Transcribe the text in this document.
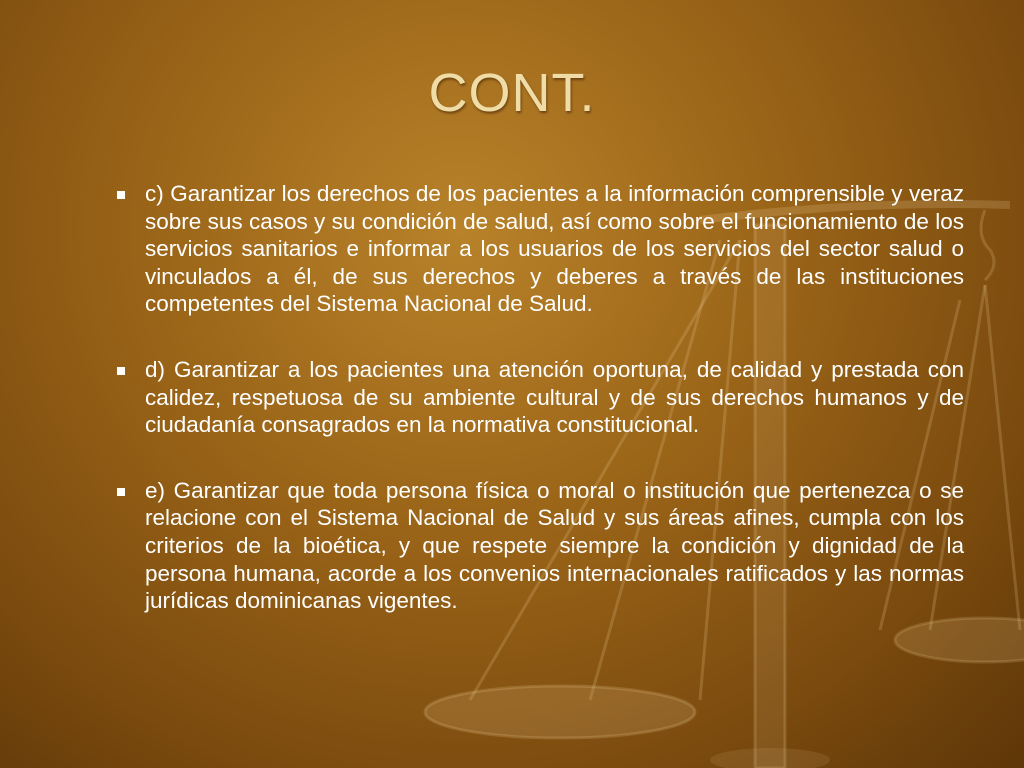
CONT.
c) Garantizar los derechos de los pacientes a la información comprensible y veraz sobre sus casos y su condición de salud, así como sobre el funcionamiento de los servicios sanitarios e informar a los usuarios de los servicios del sector salud o vinculados a él, de sus derechos y deberes a través de las instituciones competentes del Sistema Nacional de Salud.
d) Garantizar a los pacientes una atención oportuna, de calidad y prestada con calidez, respetuosa de su ambiente cultural y de sus derechos humanos y de ciudadanía consagrados en la normativa constitucional.
e) Garantizar que toda persona física o moral o institución que pertenezca o se relacione con el Sistema Nacional de Salud y sus áreas afines, cumpla con los criterios de la bioética, y que respete siempre la condición y dignidad de la persona humana, acorde a los convenios internacionales ratificados y las normas jurídicas dominicanas vigentes.
